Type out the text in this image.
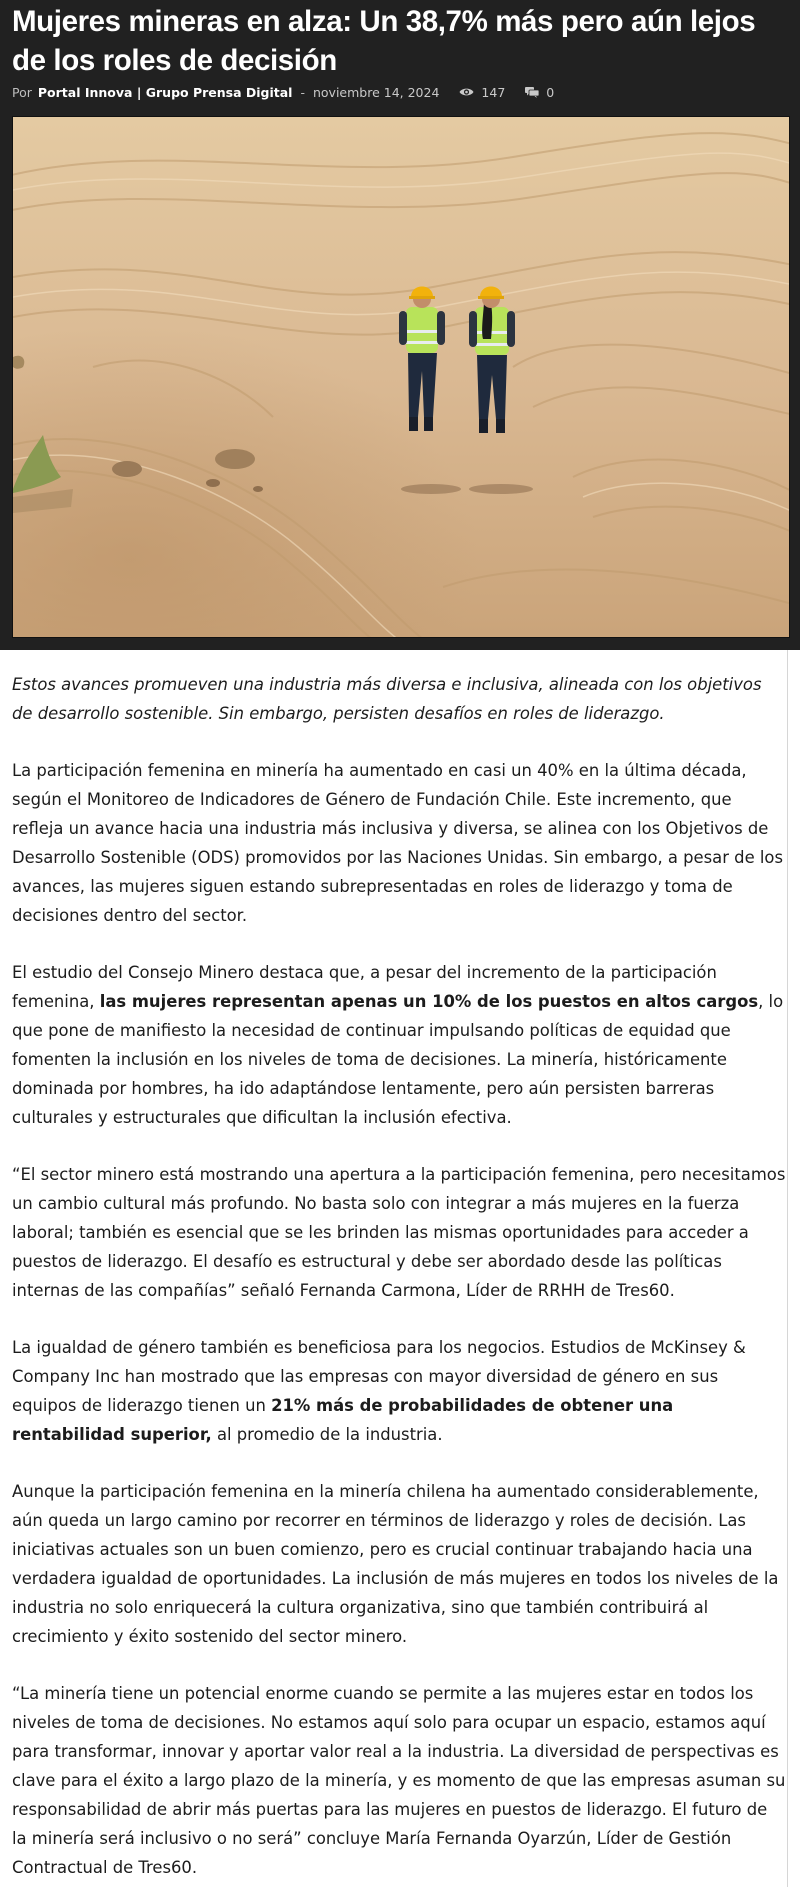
Mujeres mineras en alza: Un 38,7% más pero aún lejos de los roles de decisión
Por Portal Innova | Grupo Prensa Digital - noviembre 14, 2024	147	0

Estos avances promueven una industria más diversa e inclusiva, alineada con los objetivos de desarrollo sostenible. Sin embargo, persisten desafíos en roles de liderazgo.

La participación femenina en minería ha aumentado en casi un 40% en la última década, según el Monitoreo de Indicadores de Género de Fundación Chile. Este incremento, que refleja un avance hacia una industria más inclusiva y diversa, se alinea con los Objetivos de Desarrollo Sostenible (ODS) promovidos por las Naciones Unidas. Sin embargo, a pesar de los avances, las mujeres siguen estando subrepresentadas en roles de liderazgo y toma de decisiones dentro del sector.

El estudio del Consejo Minero destaca que, a pesar del incremento de la participación femenina, las mujeres representan apenas un 10% de los puestos en altos cargos, lo que pone de manifiesto la necesidad de continuar impulsando políticas de equidad que fomenten la inclusión en los niveles de toma de decisiones. La minería, históricamente dominada por hombres, ha ido adaptándose lentamente, pero aún persisten barreras culturales y estructurales que dificultan la inclusión efectiva.

“El sector minero está mostrando una apertura a la participación femenina, pero necesitamos un cambio cultural más profundo. No basta solo con integrar a más mujeres en la fuerza laboral; también es esencial que se les brinden las mismas oportunidades para acceder a puestos de liderazgo. El desafío es estructural y debe ser abordado desde las políticas internas de las compañías” señaló Fernanda Carmona, Líder de RRHH de Tres60.

La igualdad de género también es beneficiosa para los negocios. Estudios de McKinsey & Company Inc han mostrado que las empresas con mayor diversidad de género en sus equipos de liderazgo tienen un 21% más de probabilidades de obtener una rentabilidad superior, al promedio de la industria.

Aunque la participación femenina en la minería chilena ha aumentado considerablemente, aún queda un largo camino por recorrer en términos de liderazgo y roles de decisión. Las iniciativas actuales son un buen comienzo, pero es crucial continuar trabajando hacia una verdadera igualdad de oportunidades. La inclusión de más mujeres en todos los niveles de la industria no solo enriquecerá la cultura organizativa, sino que también contribuirá al crecimiento y éxito sostenido del sector minero.

“La minería tiene un potencial enorme cuando se permite a las mujeres estar en todos los niveles de toma de decisiones. No estamos aquí solo para ocupar un espacio, estamos aquí para transformar, innovar y aportar valor real a la industria. La diversidad de perspectivas es clave para el éxito a largo plazo de la minería, y es momento de que las empresas asuman su responsabilidad de abrir más puertas para las mujeres en puestos de liderazgo. El futuro de la minería será inclusivo o no será” concluye María Fernanda Oyarzún, Líder de Gestión Contractual de Tres60.
